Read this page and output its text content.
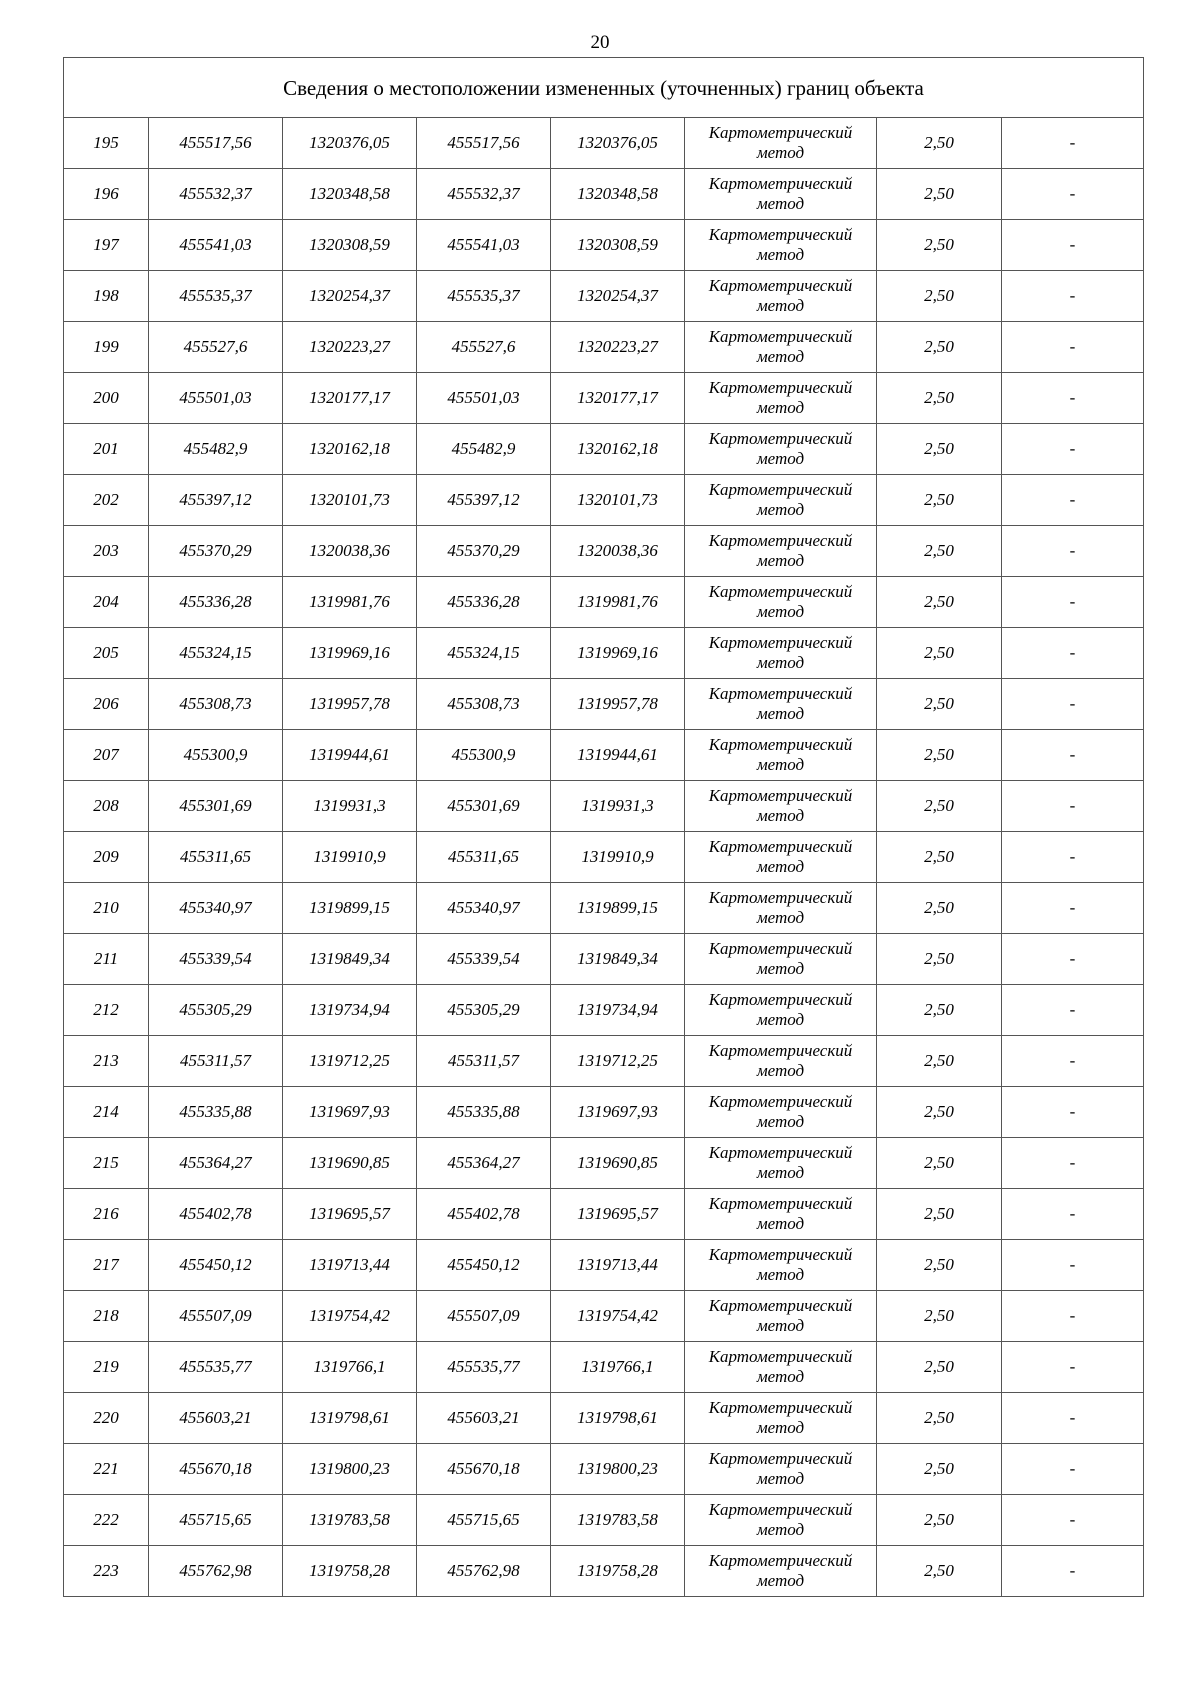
20
Сведения о местоположении измененных (уточненных) границ объекта							
195	455517,56	1320376,05	455517,56	1320376,05	Картометрический метод	2,50	-
196	455532,37	1320348,58	455532,37	1320348,58	Картометрический метод	2,50	-
197	455541,03	1320308,59	455541,03	1320308,59	Картометрический метод	2,50	-
198	455535,37	1320254,37	455535,37	1320254,37	Картометрический метод	2,50	-
199	455527,6	1320223,27	455527,6	1320223,27	Картометрический метод	2,50	-
200	455501,03	1320177,17	455501,03	1320177,17	Картометрический метод	2,50	-
201	455482,9	1320162,18	455482,9	1320162,18	Картометрический метод	2,50	-
202	455397,12	1320101,73	455397,12	1320101,73	Картометрический метод	2,50	-
203	455370,29	1320038,36	455370,29	1320038,36	Картометрический метод	2,50	-
204	455336,28	1319981,76	455336,28	1319981,76	Картометрический метод	2,50	-
205	455324,15	1319969,16	455324,15	1319969,16	Картометрический метод	2,50	-
206	455308,73	1319957,78	455308,73	1319957,78	Картометрический метод	2,50	-
207	455300,9	1319944,61	455300,9	1319944,61	Картометрический метод	2,50	-
208	455301,69	1319931,3	455301,69	1319931,3	Картометрический метод	2,50	-
209	455311,65	1319910,9	455311,65	1319910,9	Картометрический метод	2,50	-
210	455340,97	1319899,15	455340,97	1319899,15	Картометрический метод	2,50	-
211	455339,54	1319849,34	455339,54	1319849,34	Картометрический метод	2,50	-
212	455305,29	1319734,94	455305,29	1319734,94	Картометрический метод	2,50	-
213	455311,57	1319712,25	455311,57	1319712,25	Картометрический метод	2,50	-
214	455335,88	1319697,93	455335,88	1319697,93	Картометрический метод	2,50	-
215	455364,27	1319690,85	455364,27	1319690,85	Картометрический метод	2,50	-
216	455402,78	1319695,57	455402,78	1319695,57	Картометрический метод	2,50	-
217	455450,12	1319713,44	455450,12	1319713,44	Картометрический метод	2,50	-
218	455507,09	1319754,42	455507,09	1319754,42	Картометрический метод	2,50	-
219	455535,77	1319766,1	455535,77	1319766,1	Картометрический метод	2,50	-
220	455603,21	1319798,61	455603,21	1319798,61	Картометрический метод	2,50	-
221	455670,18	1319800,23	455670,18	1319800,23	Картометрический метод	2,50	-
222	455715,65	1319783,58	455715,65	1319783,58	Картометрический метод	2,50	-
223	455762,98	1319758,28	455762,98	1319758,28	Картометрический метод	2,50	-
